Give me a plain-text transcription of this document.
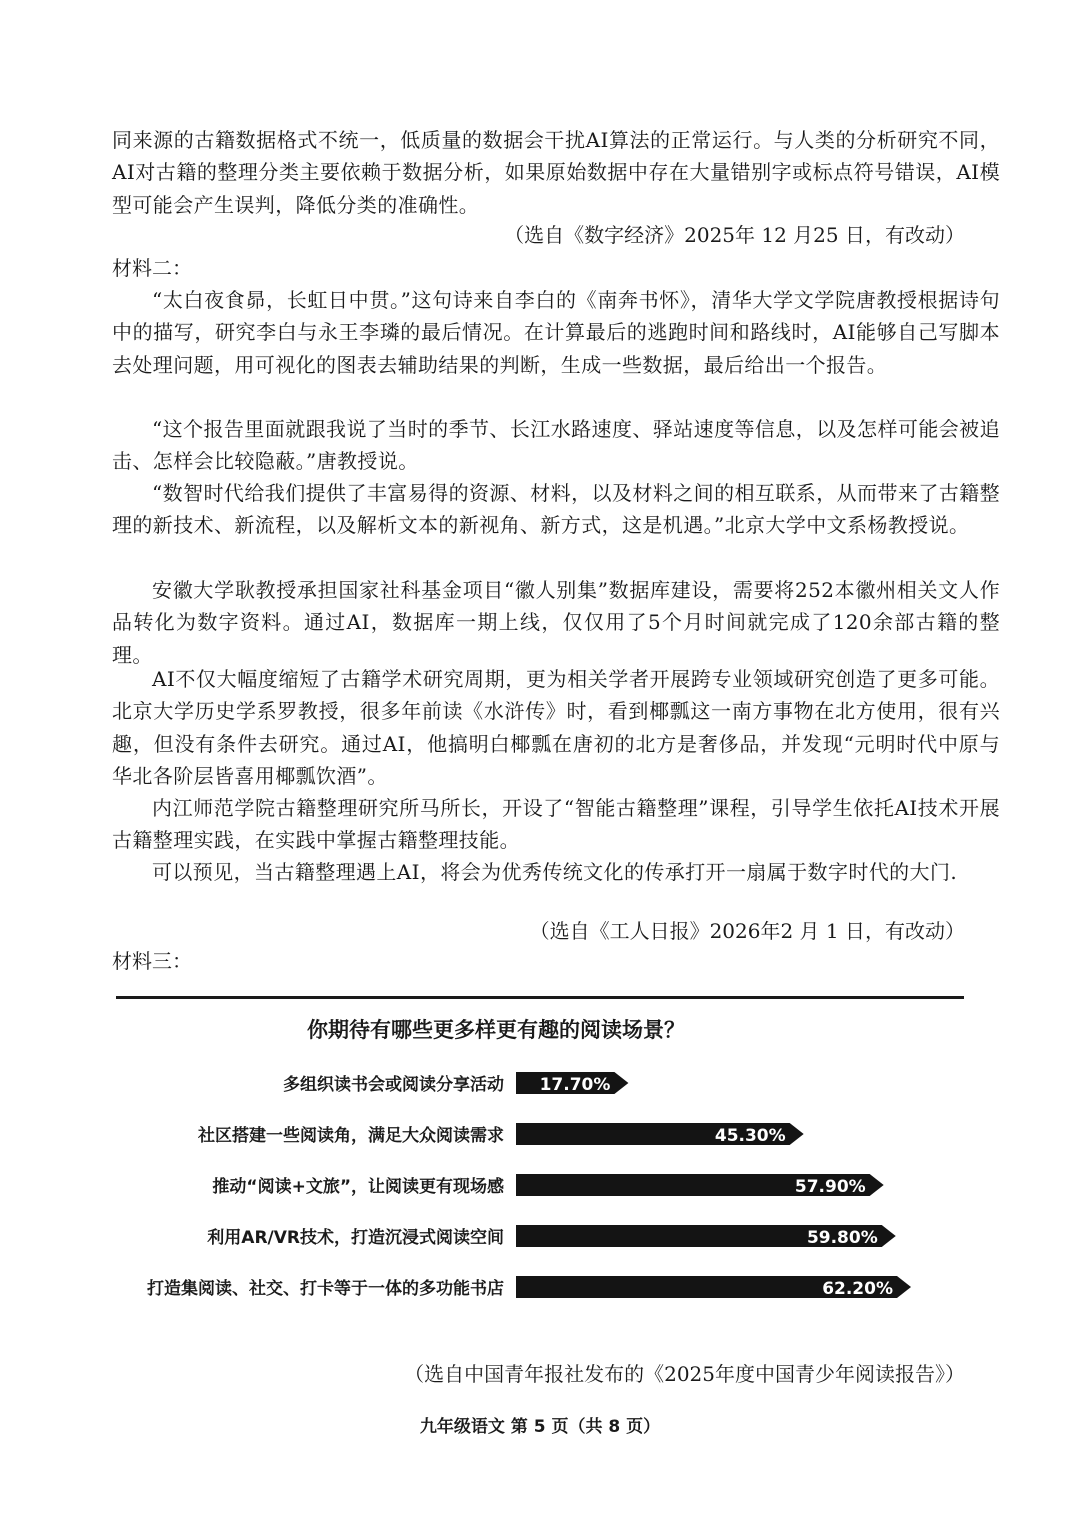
同来源的古籍数据格式不统一，低质量的数据会干扰AI算法的正常运行。与人类的分析研究不同，AI对古籍的整理分类主要依赖于数据分析，如果原始数据中存在大量错别字或标点符号错误，AI模型可能会产生误判，降低分类的准确性。

（选自《数字经济》2025年 12 月25 日，有改动）

材料二：

“太白夜食昴，长虹日中贯。”这句诗来自李白的《南奔书怀》，清华大学文学院唐教授根据诗句中的描写，研究李白与永王李璘的最后情况。在计算最后的逃跑时间和路线时，AI能够自己写脚本去处理问题，用可视化的图表去辅助结果的判断，生成一些数据，最后给出一个报告。

“这个报告里面就跟我说了当时的季节、长江水路速度、驿站速度等信息，以及怎样可能会被追击、怎样会比较隐蔽。”唐教授说。

“数智时代给我们提供了丰富易得的资源、材料，以及材料之间的相互联系，从而带来了古籍整理的新技术、新流程，以及解析文本的新视角、新方式，这是机遇。”北京大学中文系杨教授说。

安徽大学耿教授承担国家社科基金项目“徽人别集”数据库建设，需要将252本徽州相关文人作品转化为数字资料。通过AI，数据库一期上线，仅仅用了5个月时间就完成了120余部古籍的整理。

AI不仅大幅度缩短了古籍学术研究周期，更为相关学者开展跨专业领域研究创造了更多可能。北京大学历史学系罗教授，很多年前读《水浒传》时，看到椰瓢这一南方事物在北方使用，很有兴趣，但没有条件去研究。通过AI，他搞明白椰瓢在唐初的北方是奢侈品，并发现“元明时代中原与华北各阶层皆喜用椰瓢饮酒”。

内江师范学院古籍整理研究所马所长，开设了“智能古籍整理”课程，引导学生依托AI技术开展古籍整理实践，在实践中掌握古籍整理技能。

可以预见，当古籍整理遇上AI，将会为优秀传统文化的传承打开一扇属于数字时代的大门.

（选自《工人日报》2026年2 月 1 日，有改动）

材料三：

你期待有哪些更多样更有趣的阅读场景？
多组织读书会或阅读分享活动 17.70%
社区搭建一些阅读角，满足大众阅读需求	45.30%
推动“阅读+文旅”，让阅读更有现场感	57.90%
利用AR/VR技术，打造沉浸式阅读空间	59.80%
打造集阅读、社交、打卡等于一体的多功能书店	62.20%

（选自中国青年报社发布的《2025年度中国青少年阅读报告》）

九年级语文 第 5 页（共 8 页）
